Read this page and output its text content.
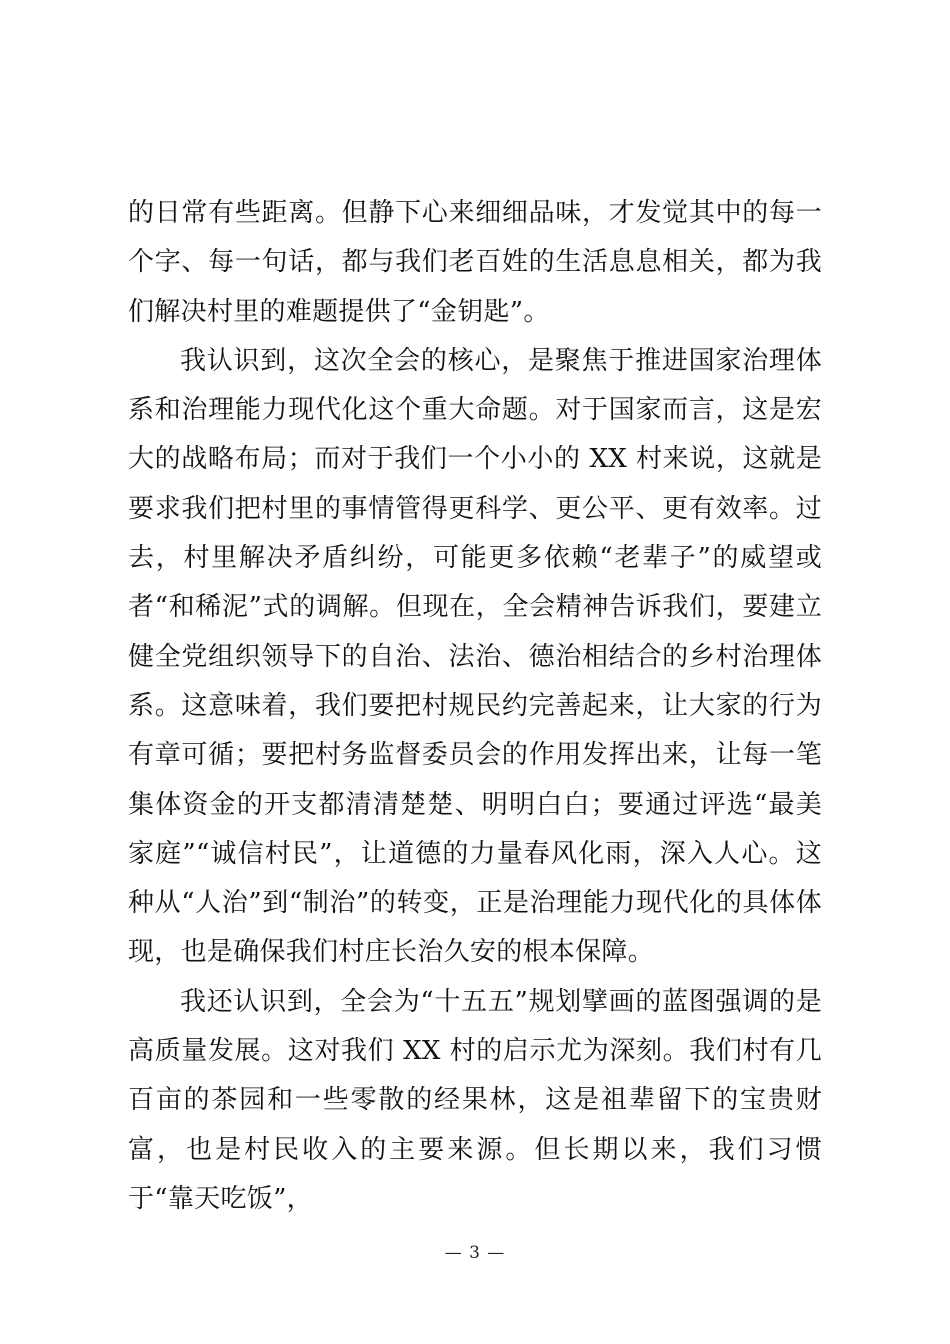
的日常有些距离。但静下心来细细品味，才发觉其中的每一个字、每一句话，都与我们老百姓的生活息息相关，都为我们解决村里的难题提供了“金钥匙”。

我认识到，这次全会的核心，是聚焦于推进国家治理体系和治理能力现代化这个重大命题。对于国家而言，这是宏大的战略布局；而对于我们一个小小的 XX 村来说，这就是要求我们把村里的事情管得更科学、更公平、更有效率。过去，村里解决矛盾纠纷，可能更多依赖“老辈子”的威望或者“和稀泥”式的调解。但现在，全会精神告诉我们，要建立健全党组织领导下的自治、法治、德治相结合的乡村治理体系。这意味着，我们要把村规民约完善起来，让大家的行为有章可循；要把村务监督委员会的作用发挥出来，让每一笔集体资金的开支都清清楚楚、明明白白；要通过评选“最美家庭”“诚信村民”，让道德的力量春风化雨，深入人心。这种从“人治”到“制治”的转变，正是治理能力现代化的具体体现，也是确保我们村庄长治久安的根本保障。

我还认识到，全会为“十五五”规划擘画的蓝图强调的是高质量发展。这对我们 XX 村的启示尤为深刻。我们村有几百亩的茶园和一些零散的经果林，这是祖辈留下的宝贵财富，也是村民收入的主要来源。但长期以来，我们习惯于“靠天吃饭”，

— 3 —
